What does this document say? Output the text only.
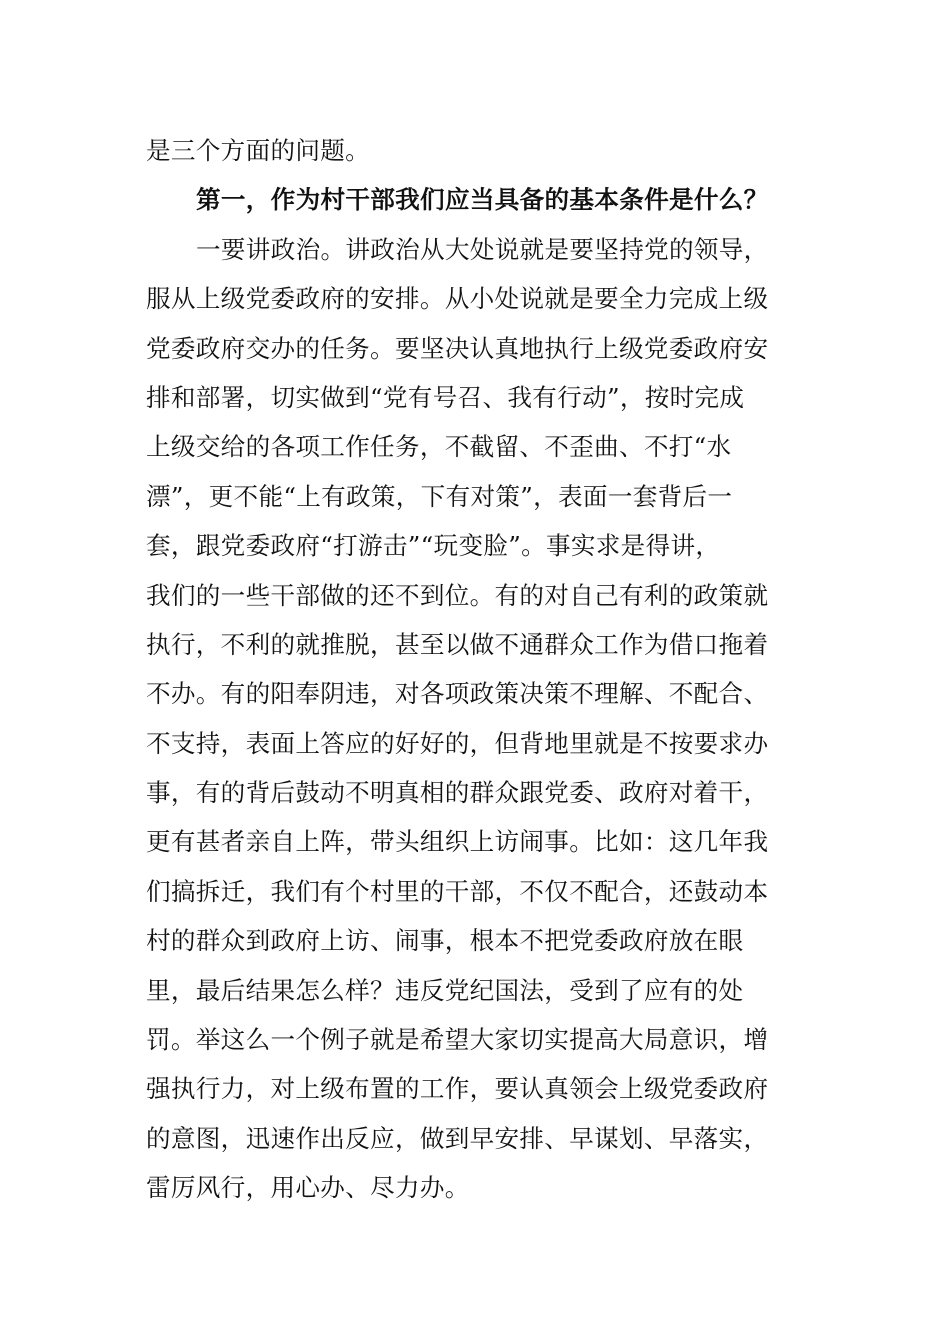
是三个方面的问题。
第一，作为村干部我们应当具备的基本条件是什么？
一要讲政治。讲政治从大处说就是要坚持党的领导，
服从上级党委政府的安排。从小处说就是要全力完成上级
党委政府交办的任务。要坚决认真地执行上级党委政府安
排和部署，切实做到“党有号召、我有行动”，按时完成
上级交给的各项工作任务，不截留、不歪曲、不打“水
漂”，更不能“上有政策，下有对策”，表面一套背后一
套，跟党委政府“打游击”“玩变脸”。事实求是得讲，
我们的一些干部做的还不到位。有的对自己有利的政策就
执行，不利的就推脱，甚至以做不通群众工作为借口拖着
不办。有的阳奉阴违，对各项政策决策不理解、不配合、
不支持，表面上答应的好好的，但背地里就是不按要求办
事，有的背后鼓动不明真相的群众跟党委、政府对着干，
更有甚者亲自上阵，带头组织上访闹事。比如：这几年我
们搞拆迁，我们有个村里的干部，不仅不配合，还鼓动本
村的群众到政府上访、闹事，根本不把党委政府放在眼
里，最后结果怎么样？违反党纪国法，受到了应有的处
罚。举这么一个例子就是希望大家切实提高大局意识，增
强执行力，对上级布置的工作，要认真领会上级党委政府
的意图，迅速作出反应，做到早安排、早谋划、早落实，
雷厉风行，用心办、尽力办。
